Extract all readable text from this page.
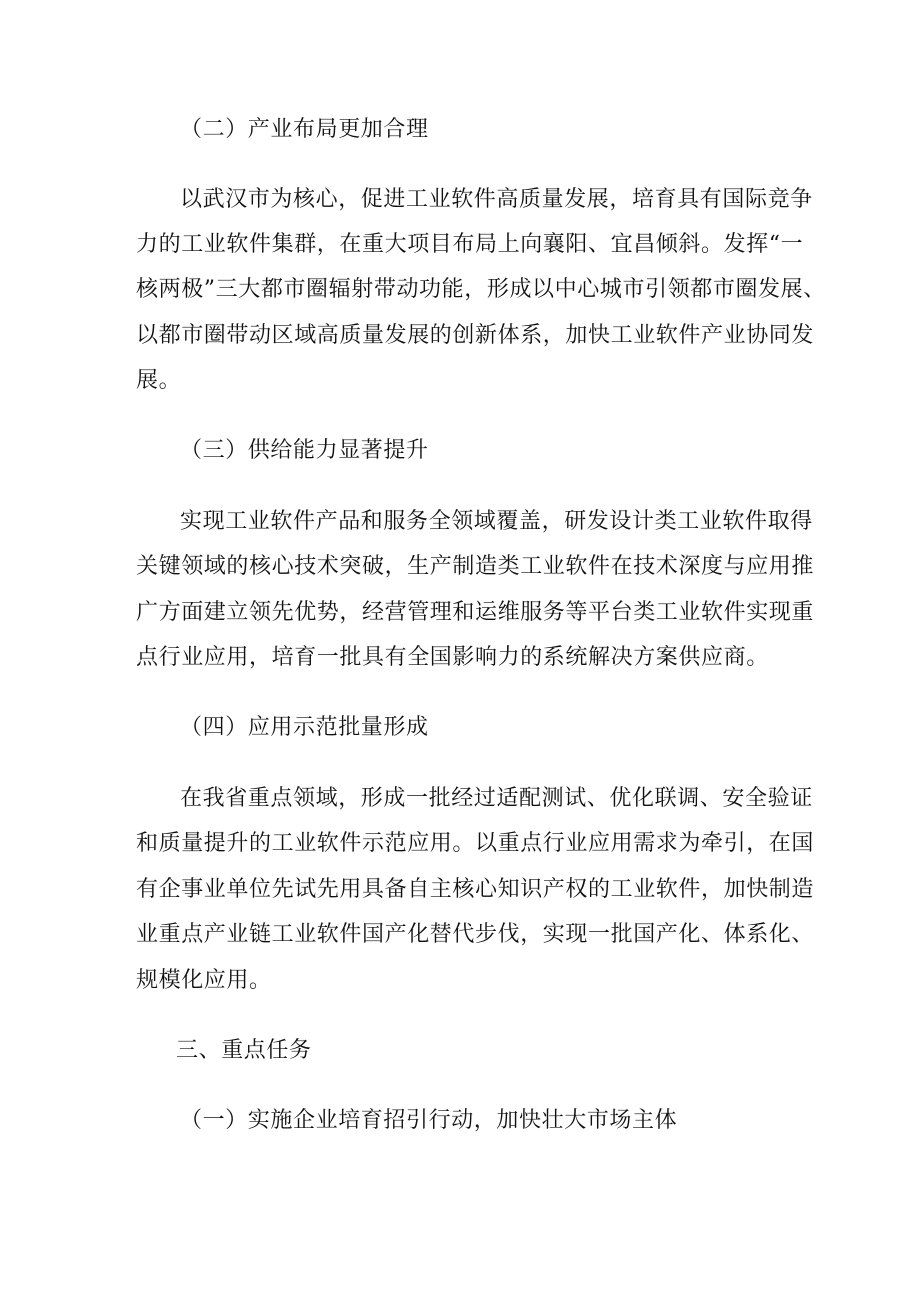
（二）产业布局更加合理
以武汉市为核心，促进工业软件高质量发展，培育具有国际竞争
力的工业软件集群，在重大项目布局上向襄阳、宜昌倾斜。发挥“一
核两极”三大都市圈辐射带动功能，形成以中心城市引领都市圈发展、
以都市圈带动区域高质量发展的创新体系，加快工业软件产业协同发
展。
（三）供给能力显著提升
实现工业软件产品和服务全领域覆盖，研发设计类工业软件取得
关键领域的核心技术突破，生产制造类工业软件在技术深度与应用推
广方面建立领先优势，经营管理和运维服务等平台类工业软件实现重
点行业应用，培育一批具有全国影响力的系统解决方案供应商。
（四）应用示范批量形成
在我省重点领域，形成一批经过适配测试、优化联调、安全验证
和质量提升的工业软件示范应用。以重点行业应用需求为牵引，在国
有企事业单位先试先用具备自主核心知识产权的工业软件，加快制造
业重点产业链工业软件国产化替代步伐，实现一批国产化、体系化、
规模化应用。
三、重点任务
（一）实施企业培育招引行动，加快壮大市场主体
